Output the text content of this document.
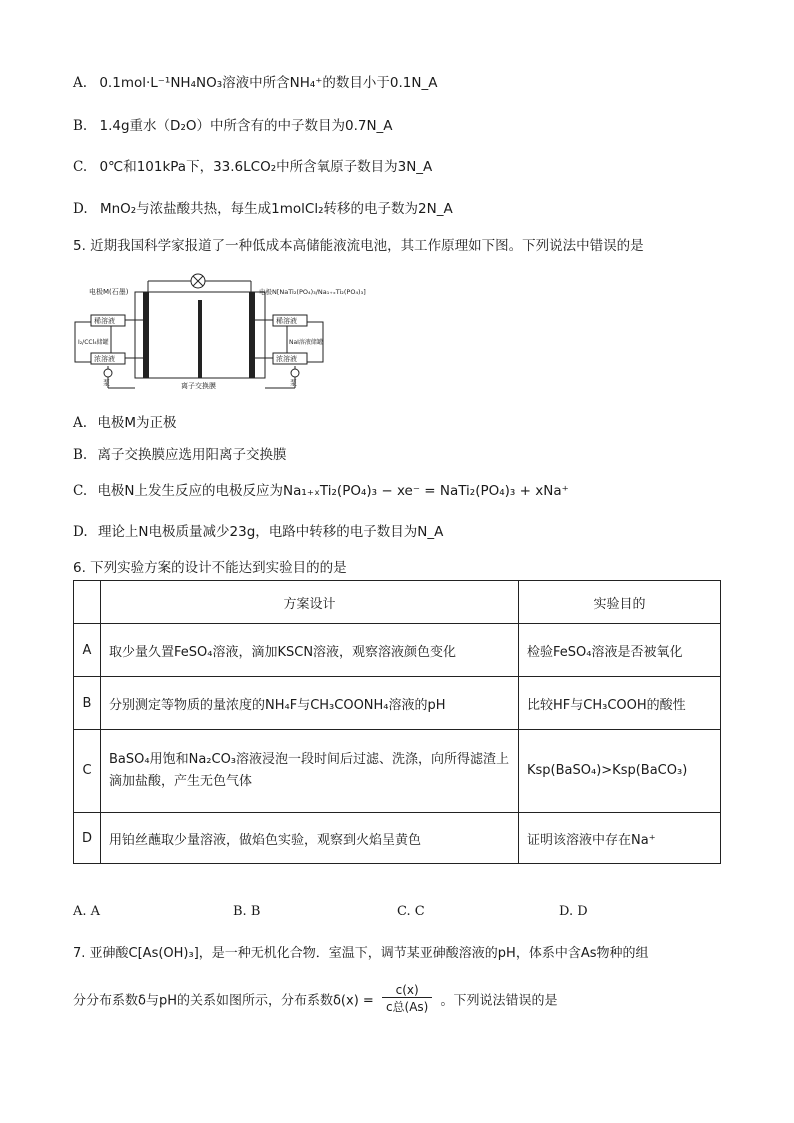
A. 0.1mol·L⁻¹NH₄NO₃溶液中所含NH₄⁺的数目小于0.1N_A
B. 1.4g重水（D₂O）中所含有的中子数目为0.7N_A
C. 0℃和101kPa下，33.6LCO₂中所含氧原子数目为3N_A
D. MnO₂与浓盐酸共热，每生成1molCl₂转移的电子数为2N_A
5. 近期我国科学家报道了一种低成本高储能液流电池，其工作原理如下图。下列说法中错误的是
电极M(石墨)	电极N[NaTi₂(PO₄)₃/Na₁₊ₓTi₂(PO₄)₃]
I₂/CCl₄储罐
稀溶液
浓溶液
泵
NaI溶液储罐
稀溶液
浓溶液
泵
离子交换膜
A. 电极M为正极
B. 离子交换膜应选用阳离子交换膜
C. 电极N上发生反应的电极反应为Na₁₊ₓTi₂(PO₄)₃ − xe⁻ = NaTi₂(PO₄)₃ + xNa⁺
D. 理论上N电极质量减少23g，电路中转移的电子数目为N_A
6. 下列实验方案的设计不能达到实验目的的是
	方案设计	实验目的
A	取少量久置FeSO₄溶液，滴加KSCN溶液，观察溶液颜色变化	检验FeSO₄溶液是否被氧化
B	分别测定等物质的量浓度的NH₄F与CH₃COONH₄溶液的pH	比较HF与CH₃COOH的酸性
C	BaSO₄用饱和Na₂CO₃溶液浸泡一段时间后过滤、洗涤，向所得滤渣上滴加盐酸，产生无色气体	Ksp(BaSO₄)>Ksp(BaCO₃)
D	用铂丝蘸取少量溶液，做焰色实验，观察到火焰呈黄色	证明该溶液中存在Na⁺
A. A	B. B	C. C	D. D
7. 亚砷酸C[As(OH)₃]，是一种无机化合物．室温下，调节某亚砷酸溶液的pH，体系中含As物种的组
分分布系数δ与pH的关系如图所示，分布系数δ(x) =
c(x)
c总(As) 。下列说法错误的是
